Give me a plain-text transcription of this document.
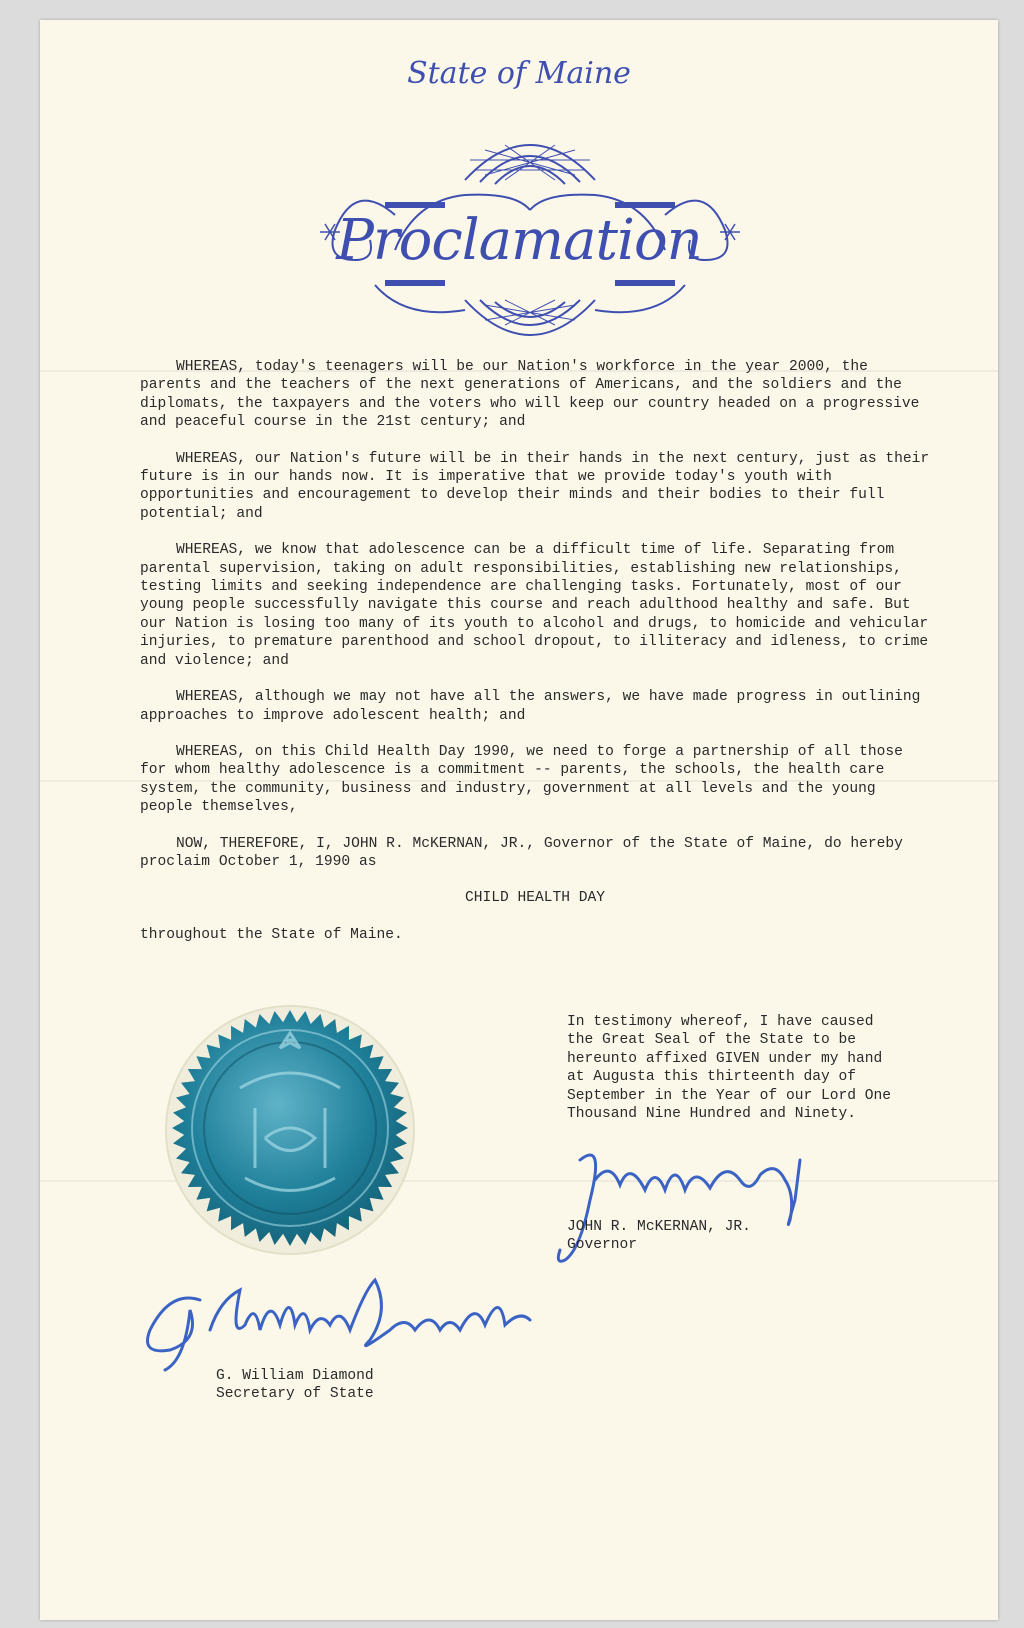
State of Maine
Proclamation

WHEREAS, today's teenagers will be our Nation's workforce in the year 2000, the parents and the teachers of the next generations of Americans, and the soldiers and the diplomats, the taxpayers and the voters who will keep our country headed on a progressive and peaceful course in the 21st century; and

WHEREAS, our Nation's future will be in their hands in the next century, just as their future is in our hands now. It is imperative that we provide today's youth with opportunities and encouragement to develop their minds and their bodies to their full potential; and

WHEREAS, we know that adolescence can be a difficult time of life. Separating from parental supervision, taking on adult responsibilities, establishing new relationships, testing limits and seeking independence are challenging tasks. Fortunately, most of our young people successfully navigate this course and reach adulthood healthy and safe. But our Nation is losing too many of its youth to alcohol and drugs, to homicide and vehicular injuries, to premature parenthood and school dropout, to illiteracy and idleness, to crime and violence; and

WHEREAS, although we may not have all the answers, we have made progress in outlining approaches to improve adolescent health; and

WHEREAS, on this Child Health Day 1990, we need to forge a partnership of all those for whom healthy adolescence is a commitment -- parents, the schools, the health care system, the community, business and industry, government at all levels and the young people themselves,

NOW, THEREFORE, I, JOHN R. McKERNAN, JR., Governor of the State of Maine, do hereby proclaim October 1, 1990 as

CHILD HEALTH DAY

throughout the State of Maine.

In testimony whereof, I have caused the Great Seal of the State to be hereunto affixed GIVEN under my hand at Augusta this thirteenth day of September in the Year of our Lord One Thousand Nine Hundred and Ninety.
JOHN R. McKERNAN, JR.
Governor
G. William Diamond
Secretary of State
